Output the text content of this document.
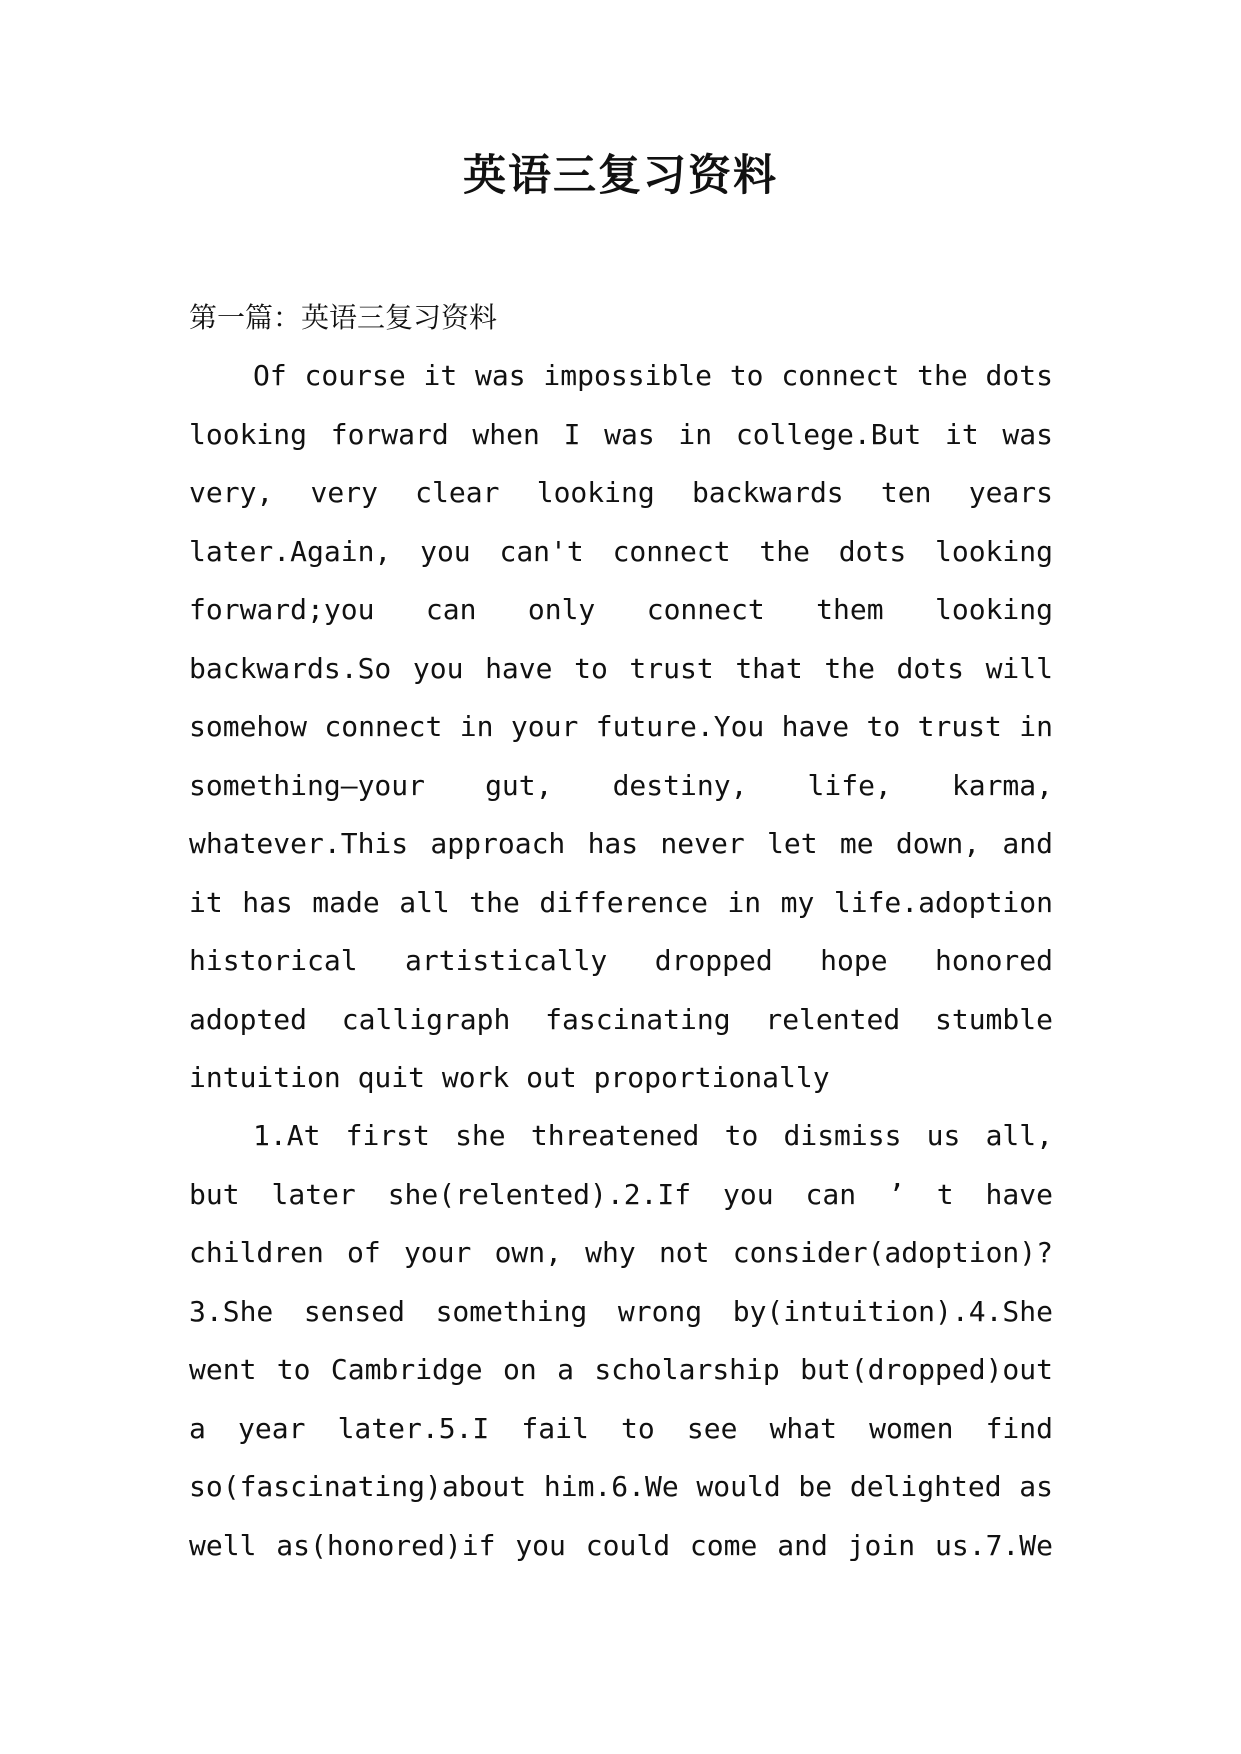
英语三复习资料
第一篇：英语三复习资料
Of course it was impossible to connect the dots
looking forward when I was in college.But it was
very, very clear looking backwards ten years
later.Again, you can't connect the dots looking
forward;you can only connect them looking
backwards.So you have to trust that the dots will
somehow connect in your future.You have to trust in
something—your gut, destiny, life, karma,
whatever.This approach has never let me down, and
it has made all the difference in my life.adoption
historical artistically dropped hope honored
adopted calligraph fascinating relented stumble
intuition quit work out proportionally
1.At first she threatened to dismiss us all,
but later she(relented).2.If you can ’ t have
children of your own, why not consider(adoption)?
3.She sensed something wrong by(intuition).4.She
went to Cambridge on a scholarship but(dropped)out
a year later.5.I fail to see what women find
so(fascinating)about him.6.We would be delighted as
well as(honored)if you could come and join us.7.We
